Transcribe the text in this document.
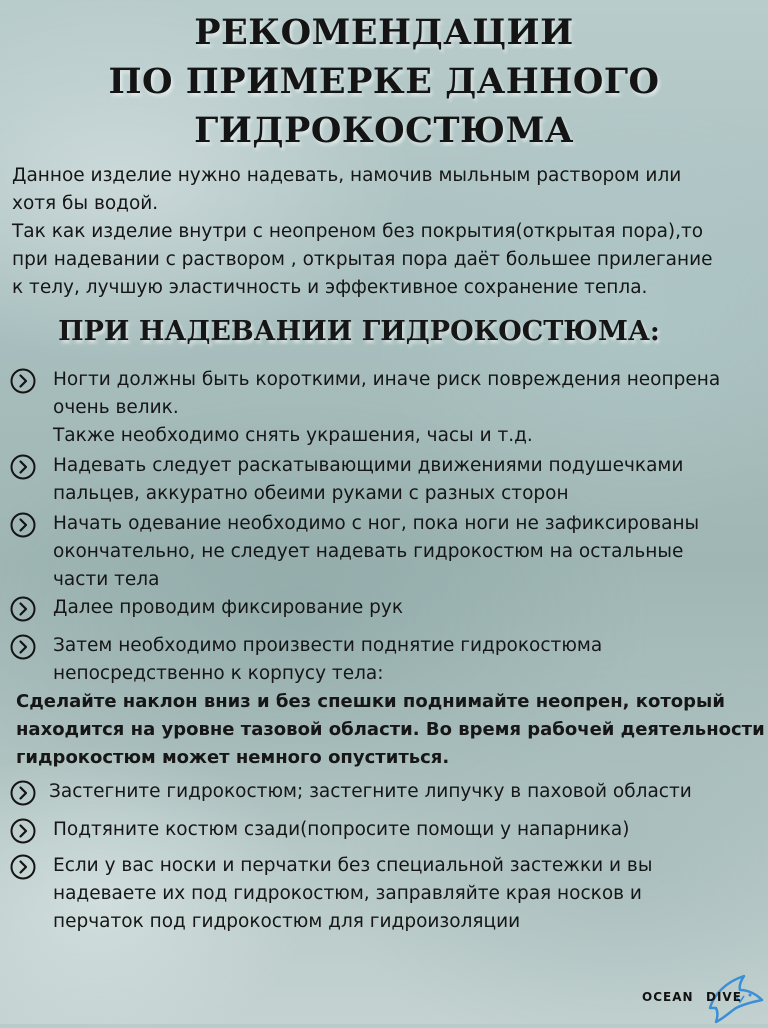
РЕКОМЕНДАЦИИ
ПО ПРИМЕРКЕ ДАННОГО
ГИДРОКОСТЮМА

Данное изделие нужно надевать, намочив мыльным раствором или

хотя бы водой.

Так как изделие внутри с неопреном без покрытия(открытая пора),то

при надевании с раствором , открытая пора даёт большее прилегание

к телу, лучшую эластичность и эффективное сохранение тепла.

ПРИ НАДЕВАНИИ ГИДРОКОСТЮМА:
Ногти должны быть короткими, иначе риск повреждения неопрена
очень велик.
Также необходимо снять украшения, часы и т.д.
Надевать следует раскатывающими движениями подушечками
пальцев, аккуратно обеими руками с разных сторон
Начать одевание необходимо с ног, пока ноги не зафиксированы
окончательно, не следует надевать гидрокостюм на остальные
части тела
Далее проводим фиксирование рук
Затем необходимо произвести поднятие гидрокостюма
непосредственно к корпусу тела:
Сделайте наклон вниз и без спешки поднимайте неопрен, который
находится на уровне тазовой области. Во время рабочей деятельности
гидрокостюм может немного опуститься.
Застегните гидрокостюм; застегните липучку в паховой области
Подтяните костюм сзади(попросите помощи у напарника)
Если у вас носки и перчатки без специальной застежки и вы
надеваете их под гидрокостюм, заправляйте края носков и
перчаток под гидрокостюм для гидроизоляции
OCEAN DIVE
